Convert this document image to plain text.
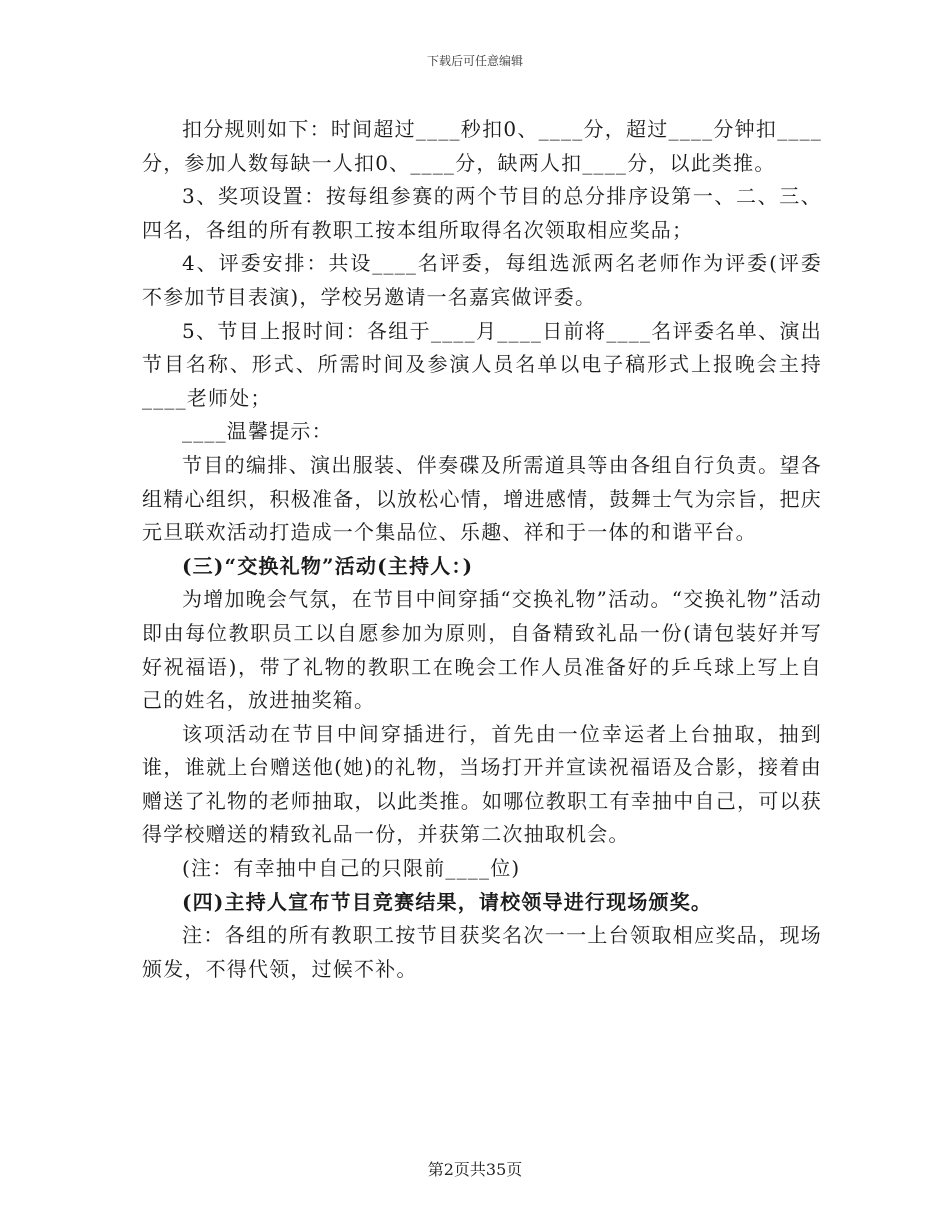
下载后可任意编辑

扣分规则如下：时间超过____秒扣0、____分，超过____分钟扣____分，参加人数每缺一人扣0、____分，缺两人扣____分，以此类推。

3、奖项设置：按每组参赛的两个节目的总分排序设第一、二、三、四名，各组的所有教职工按本组所取得名次领取相应奖品；

4、评委安排：共设____名评委，每组选派两名老师作为评委(评委不参加节目表演)，学校另邀请一名嘉宾做评委。

5、节目上报时间：各组于____月____日前将____名评委名单、演出节目名称、形式、所需时间及参演人员名单以电子稿形式上报晚会主持____老师处；

____温馨提示：

节目的编排、演出服装、伴奏碟及所需道具等由各组自行负责。望各组精心组织，积极准备，以放松心情，增进感情，鼓舞士气为宗旨，把庆元旦联欢活动打造成一个集品位、乐趣、祥和于一体的和谐平台。

(三)“交换礼物”活动(主持人：)

为增加晚会气氛，在节目中间穿插“交换礼物”活动。“交换礼物”活动即由每位教职员工以自愿参加为原则，自备精致礼品一份(请包装好并写好祝福语)，带了礼物的教职工在晚会工作人员准备好的乒乓球上写上自己的姓名，放进抽奖箱。

该项活动在节目中间穿插进行，首先由一位幸运者上台抽取，抽到谁，谁就上台赠送他(她)的礼物，当场打开并宣读祝福语及合影，接着由赠送了礼物的老师抽取，以此类推。如哪位教职工有幸抽中自己，可以获得学校赠送的精致礼品一份，并获第二次抽取机会。

(注：有幸抽中自己的只限前____位)

(四)主持人宣布节目竞赛结果，请校领导进行现场颁奖。

注：各组的所有教职工按节目获奖名次一一上台领取相应奖品，现场颁发，不得代领，过候不补。

第2页共35页
